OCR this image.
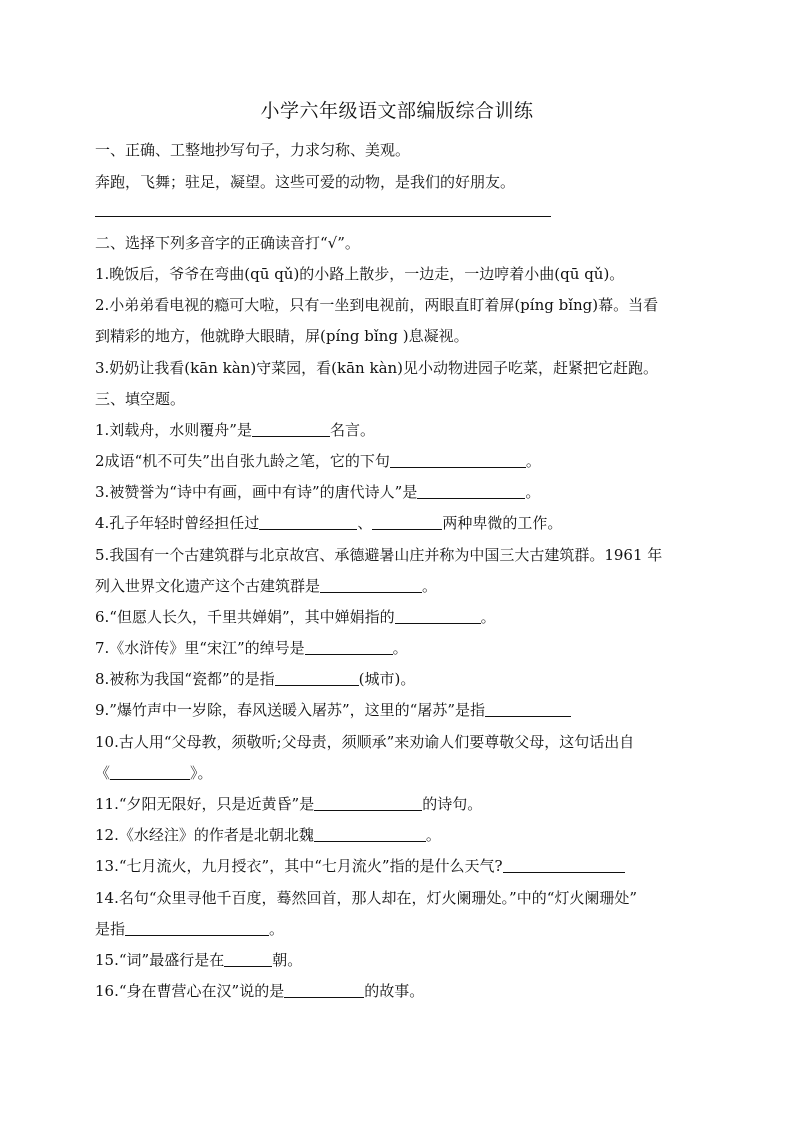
小学六年级语文部编版综合训练
一、正确、工整地抄写句子，力求匀称、美观。
奔跑，飞舞；驻足，凝望。这些可爱的动物，是我们的好朋友。
二、选择下列多音字的正确读音打“√”。
1.晚饭后，爷爷在弯曲(qū qǔ)的小路上散步，一边走，一边哼着小曲(qū qǔ)。
2.小弟弟看电视的瘾可大啦，只有一坐到电视前，两眼直盯着屏(píng bǐng)幕。当看
到精彩的地方，他就睁大眼睛，屏(píng bǐng )息凝视。
3.奶奶让我看(kān kàn)守菜园，看(kān kàn)见小动物进园子吃菜，赶紧把它赶跑。
三、填空题。
1.刘载舟，水则覆舟”是	名言。
2成语“机不可失”出自张九龄之笔，它的下句	。
3.被赞誉为“诗中有画，画中有诗”的唐代诗人”是	。
4.孔子年轻时曾经担任过	、	两种卑微的工作。
5.我国有一个古建筑群与北京故宫、承德避暑山庄并称为中国三大古建筑群。1961 年
列入世界文化遗产这个古建筑群是	。
6.“但愿人长久，千里共婵娟”，其中婵娟指的	。
7.《水浒传》里“宋江”的绰号是	。
8.被称为我国“瓷都”的是指	(城市)。
9.”爆竹声中一岁除，春风送暖入屠苏”，这里的“屠苏”是指
10.古人用“父母教，须敬听;父母责，须顺承”来劝谕人们要尊敬父母，这句话出自
《	》。
11.“夕阳无限好，只是近黄昏”是	的诗句。
12.《水经注》的作者是北朝北魏	。
13.“七月流火，九月授衣”，其中“七月流火”指的是什么天气?
14.名句“众里寻他千百度，蓦然回首，那人却在，灯火阑珊处。”中的“灯火阑珊处”
是指	。
15.“词”最盛行是在	朝。
16.“身在曹营心在汉”说的是	的故事。
